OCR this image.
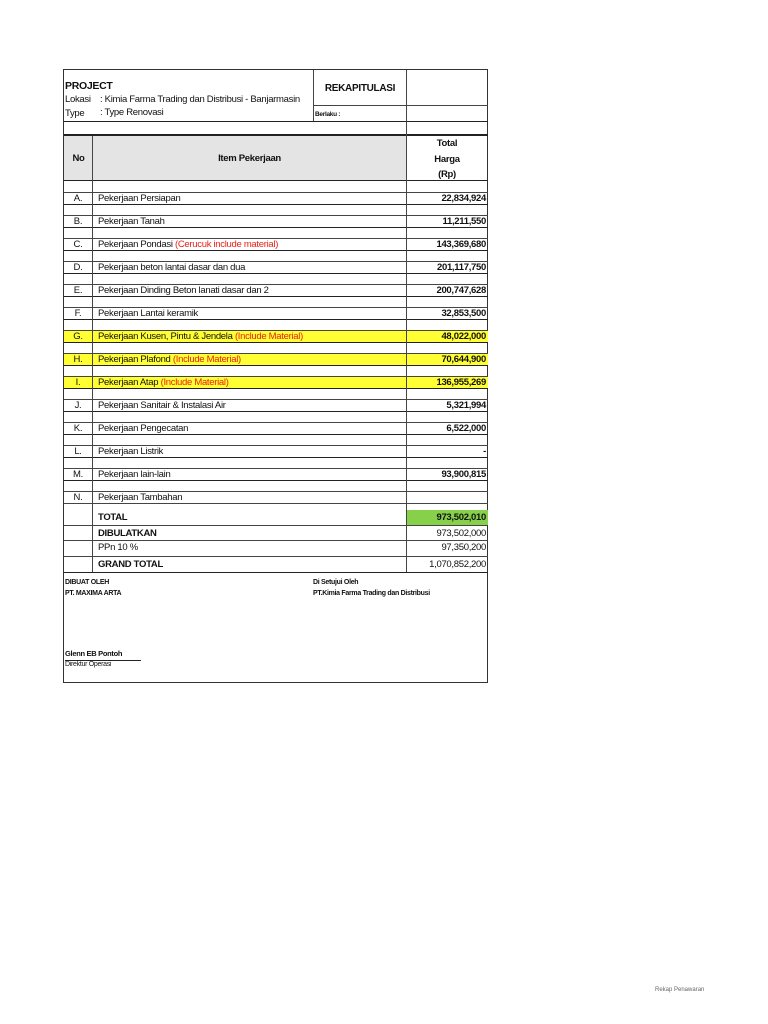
PROJECT
Lokasi : Kimia Farma Trading dan Distribusi - Banjarmasin
Type : Type Renovasi
REKAPITULASI
Berlaku :
No	Item Pekerjaan
Total
Harga
(Rp)
A.	Pekerjaan Persiapan	22,834,924
B.	Pekerjaan Tanah	11,211,550
C.	Pekerjaan Pondasi (Cerucuk include material)	143,369,680
D.	Pekerjaan beton lantai dasar dan dua	201,117,750
E.	Pekerjaan Dinding Beton lanati dasar dan 2	200,747,628
F.	Pekerjaan Lantai keramik	32,853,500
G.	Pekerjaan Kusen, Pintu & Jendela (Include Material)	48,022,000
H.	Pekerjaan Plafond (Include Material)	70,644,900
I.	Pekerjaan Atap (Include Material)	136,955,269
J.	Pekerjaan Sanitair & Instalasi Air	5,321,994
K.	Pekerjaan Pengecatan	6,522,000
L.	Pekerjaan Listrik	-
M.	Pekerjaan lain-lain	93,900,815
N.	Pekerjaan Tambahan
TOTAL	973,502,010
DIBULATKAN	973,502,000
PPn 10 %	97,350,200
GRAND TOTAL	1,070,852,200
DIBUAT OLEH
PT. MAXIMA ARTA
Glenn EB Pontoh
Direktur Operasi
Di Setujui Oleh
PT.Kimia Farma Trading dan Distribusi
Rekap Penawaran
